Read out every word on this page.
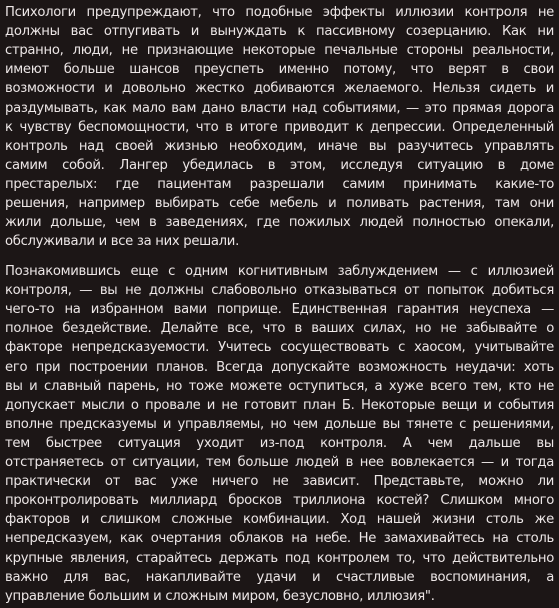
Психологи предупреждают, что подобные эффекты иллюзии контроля не
должны вас отпугивать и вынуждать к пассивному созерцанию. Как ни
странно, люди, не признающие некоторые печальные стороны реальности,
имеют больше шансов преуспеть именно потому, что верят в свои
возможности и довольно жестко добиваются желаемого. Нельзя сидеть и
раздумывать, как мало вам дано власти над событиями, — это прямая дорога
к чувству беспомощности, что в итоге приводит к депрессии. Определенный
контроль над своей жизнью необходим, иначе вы разучитесь управлять
самим собой. Лангер убедилась в этом, исследуя ситуацию в доме
престарелых: где пациентам разрешали самим принимать какие-то
решения, например выбирать себе мебель и поливать растения, там они
жили дольше, чем в заведениях, где пожилых людей полностью опекали,
обслуживали и все за них решали.
Познакомившись еще с одним когнитивным заблуждением — с иллюзией
контроля, — вы не должны слабовольно отказываться от попыток добиться
чего-то на избранном вами поприще. Единственная гарантия неуспеха —
полное бездействие. Делайте все, что в ваших силах, но не забывайте о
факторе непредсказуемости. Учитесь сосуществовать с хаосом, учитывайте
его при построении планов. Всегда допускайте возможность неудачи: хоть
вы и славный парень, но тоже можете оступиться, а хуже всего тем, кто не
допускает мысли о провале и не готовит план Б. Некоторые вещи и события
вполне предсказуемы и управляемы, но чем дольше вы тянете с решениями,
тем быстрее ситуация уходит из-под контроля. А чем дальше вы
отстраняетесь от ситуации, тем больше людей в нее вовлекается — и тогда
практически от вас уже ничего не зависит. Представьте, можно ли
проконтролировать миллиард бросков триллиона костей? Слишком много
факторов и слишком сложные комбинации. Ход нашей жизни столь же
непредсказуем, как очертания облаков на небе. Не замахивайтесь на столь
крупные явления, старайтесь держать под контролем то, что действительно
важно для вас, накапливайте удачи и счастливые воспоминания, а
управление большим и сложным миром, безусловно, иллюзия".
